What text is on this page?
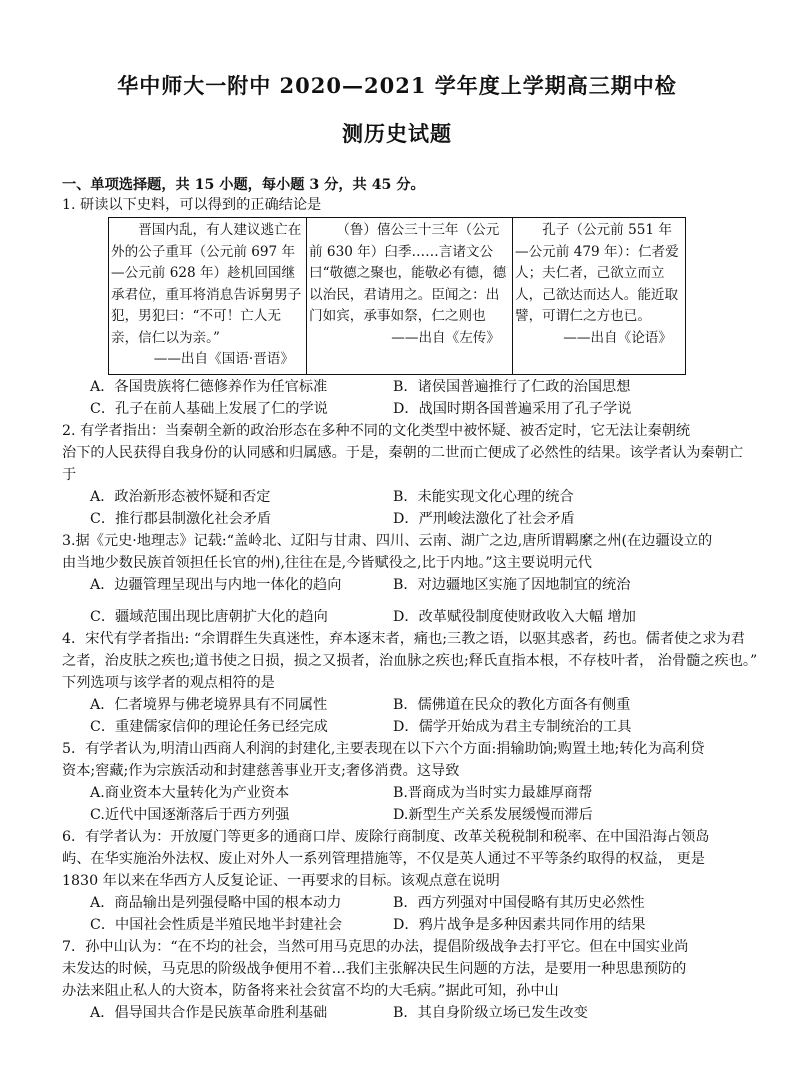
华中师大一附中 2020—2021 学年度上学期高三期中检
测历史试题
一、单项选择题，共 15 小题，每小题 3 分，共 45 分。
1. 研读以下史料，可以得到的正确结论是

晋国内乱，有人建议逃亡在外的公子重耳（公元前 697 年—公元前 628 年）趁机回国继承君位，重耳将消息告诉舅男子犯，男犯曰：“不可！亡人无亲，信仁以为亲。”

——出自《国语·晋语》

（鲁）僖公三十三年（公元前 630 年）臼季……言诸文公曰“敬德之聚也，能敬必有德，德以治民，君请用之。臣闻之：出门如宾，承事如祭，仁之则也

——出自《左传》

孔子（公元前 551 年—公元前 479 年）：仁者爱人；夫仁者，己欲立而立人，己欲达而达人。能近取譬，可谓仁之方也已。

——出自《论语》
A．各国贵族将仁德修养作为任官标准	B．诸侯国普遍推行了仁政的治国思想
C．孔子在前人基础上发展了仁的学说	D．战国时期各国普遍采用了孔子学说
2. 有学者指出：当秦朝全新的政治形态在多种不同的文化类型中被怀疑、被否定时，它无法让秦朝统
治下的人民获得自我身份的认同感和归属感。于是，秦朝的二世而亡便成了必然性的结果。该学者认为秦朝亡
于
A．政治新形态被怀疑和否定	B．未能实现文化心理的统合
C．推行郡县制激化社会矛盾	D．严刑峻法激化了社会矛盾
3.据《元史·地理志》记载:“盖岭北、辽阳与甘肃、四川、云南、湖广之边,唐所谓羁縻之州(在边疆设立的
由当地少数民族首领担任长官的州),往往在是,今皆赋役之,比于内地。”这主要说明元代
A．边疆管理呈现出与内地一体化的趋向	B．对边疆地区实施了因地制宜的统治
C．疆域范围出现比唐朝扩大化的趋向	D．改革赋役制度使财政收入大幅 增加
4．宋代有学者指出: “余谓群生失真迷性，弃本逐末者，痛也;三教之语，以驱其惑者，药也。儒者使之求为君
之者，治皮肤之疾也;道书使之日损，损之又损者，治血脉之疾也;释氏直指本根，不存枝叶者， 治骨髓之疾也。”
下列选项与该学者的观点相符的是
A．仁者境界与佛老境界具有不同属性	B．儒佛道在民众的教化方面各有侧重
C．重建儒家信仰的理论任务已经完成	D．儒学开始成为君主专制统治的工具
5．有学者认为,明清山西商人利润的封建化,主要表现在以下六个方面:捐输助饷;购置土地;转化为高利贷
资本;窖藏;作为宗族活动和封建慈善事业开支;奢侈消费。这导致
A.商业资本大量转化为产业资本	B.晋商成为当时实力最雄厚商帮
C.近代中国逐渐落后于西方列强	D.新型生产关系发展缓慢而滞后
6．有学者认为：开放厦门等更多的通商口岸、废除行商制度、改革关税税制和税率、在中国沿海占领岛
屿、在华实施治外法权、废止对外人一系列管理措施等，不仅是英人通过不平等条约取得的权益， 更是
1830 年以来在华西方人反复论证、一再要求的目标。该观点意在说明
A．商品输出是列强侵略中国的根本动力	B．西方列强对中国侵略有其历史必然性
C．中国社会性质是半殖民地半封建社会	D．鸦片战争是多种因素共同作用的结果
7．孙中山认为：“在不均的社会，当然可用马克思的办法，提倡阶级战争去打平它。但在中国实业尚
未发达的时候，马克思的阶级战争便用不着…我们主张解决民生问题的方法，是要用一种思患预防的
办法来阻止私人的大资本，防备将来社会贫富不均的大毛病。”据此可知，孙中山
A．倡导国共合作是民族革命胜利基础	B．其自身阶级立场已发生改变
